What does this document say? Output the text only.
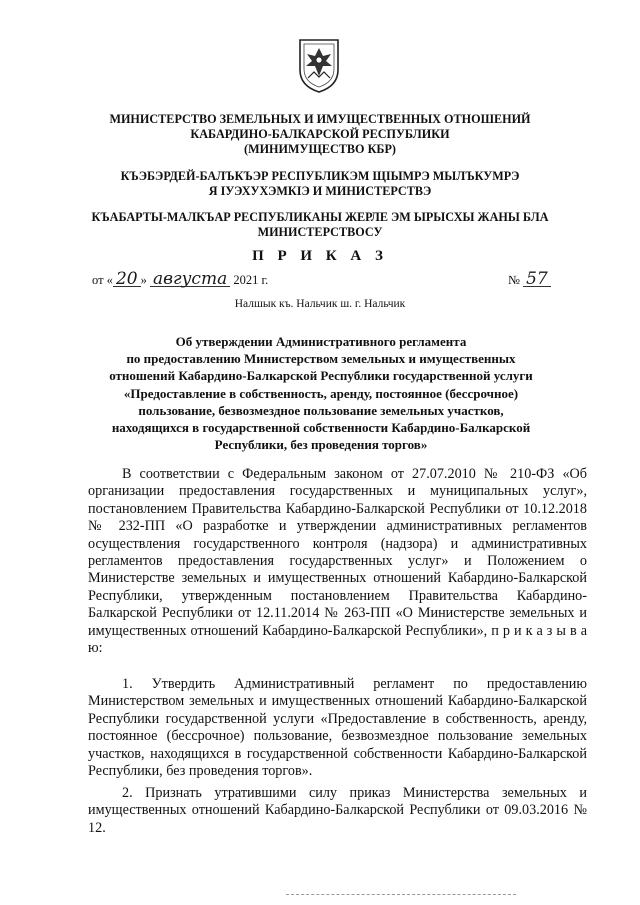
МИНИСТЕРСТВО ЗЕМЕЛЬНЫХ И ИМУЩЕСТВЕННЫХ ОТНОШЕНИЙ
КАБАРДИНО-БАЛКАРСКОЙ РЕСПУБЛИКИ
(МИНИМУЩЕСТВО КБР)
КЪЭБЭРДЕЙ-БАЛЪКЪЭР РЕСПУБЛИКЭМ ЩIЫМРЭ МЫЛЪКУМРЭ
Я IУЭХУХЭМКIЭ И МИНИСТЕРСТВЭ
КЪАБАРТЫ-МАЛКЪАР РЕСПУБЛИКАНЫ ЖЕРЛЕ ЭМ ЫРЫСХЫ ЖАНЫ БЛА
МИНИСТЕРСТВОСУ
П Р И К А З
от « 20 » августа 2021 г.	№ 57
Налшык къ. Нальчик ш. г. Нальчик
Об утверждении Административного регламента
по предоставлению Министерством земельных и имущественных
отношений Кабардино-Балкарской Республики государственной услуги
«Предоставление в собственность, аренду, постоянное (бессрочное)
пользование, безвозмездное пользование земельных участков,
находящихся в государственной собственности Кабардино-Балкарской
Республики, без проведения торгов»

В соответствии с Федеральным законом от 27.07.2010 № 210-ФЗ «Об организации предоставления государственных и муниципальных услуг», постановлением Правительства Кабардино-Балкарской Республики от 10.12.2018 № 232-ПП «О разработке и утверждении административных регламентов осуществления государственного контроля (надзора) и административных регламентов предоставления государственных услуг» и Положением о Министерстве земельных и имущественных отношений Кабардино-Балкарской Республики, утвержденным постановлением Правительства Кабардино-Балкарской Республики от 12.11.2014 № 263-ПП «О Министерстве земельных и имущественных отношений Кабардино-Балкарской Республики», п р и к а з ы в а ю:

1. Утвердить Административный регламент по предоставлению Министерством земельных и имущественных отношений Кабардино-Балкарской Республики государственной услуги «Предоставление в собственность, аренду, постоянное (бессрочное) пользование, безвозмездное пользование земельных участков, находящихся в государственной собственности Кабардино-Балкарской Республики, без проведения торгов».

2. Признать утратившими силу приказ Министерства земельных и имущественных отношений Кабардино-Балкарской Республики от 09.03.2016 № 12.
